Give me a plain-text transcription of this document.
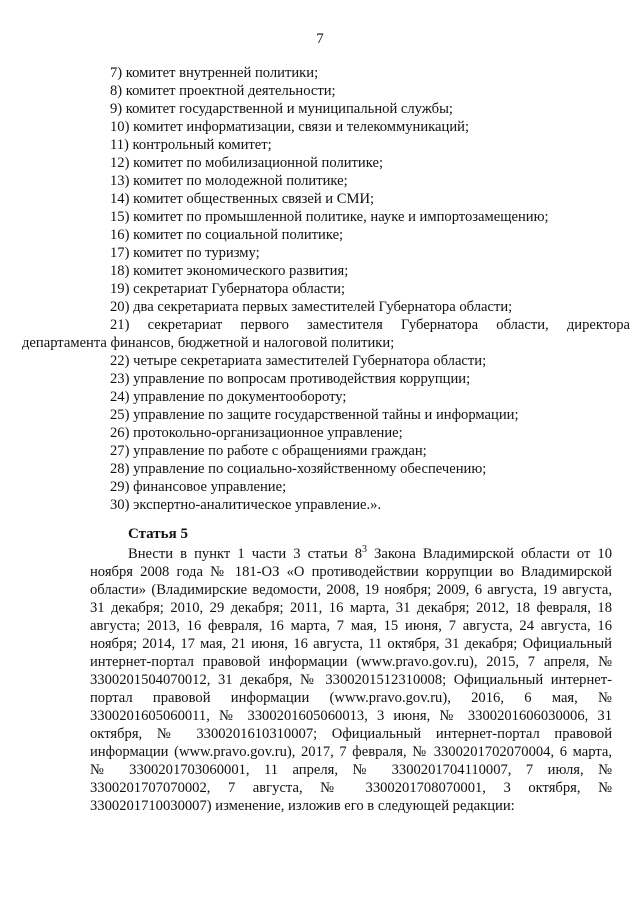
7
7) комитет внутренней политики;
8) комитет проектной деятельности;
9) комитет государственной и муниципальной службы;
10) комитет информатизации, связи и телекоммуникаций;
11) контрольный комитет;
12) комитет по мобилизационной политике;
13) комитет по молодежной политике;
14) комитет общественных связей и СМИ;
15) комитет по промышленной политике, науке и импортозамещению;
16) комитет по социальной политике;
17) комитет по туризму;
18) комитет экономического развития;
19) секретариат Губернатора области;
20) два секретариата первых заместителей Губернатора области;
21) секретариат первого заместителя Губернатора области, директора
департамента финансов, бюджетной и налоговой политики;
22) четыре секретариата заместителей Губернатора области;
23) управление по вопросам противодействия коррупции;
24) управление по документообороту;
25) управление по защите государственной тайны и информации;
26) протокольно-организационное управление;
27) управление по работе с обращениями граждан;
28) управление по социально-хозяйственному обеспечению;
29) финансовое управление;
30) экспертно-аналитическое управление.».
Статья 5

Внести в пункт 1 части 3 статьи $8^3$ Закона Владимирской области от 10 ноября 2008 года № 181-ОЗ «О противодействии коррупции во Владимирской области» (Владимирские ведомости, 2008, 19 ноября; 2009, 6 августа, 19 августа, 31 декабря; 2010, 29 декабря; 2011, 16 марта, 31 декабря; 2012, 18 февраля, 18 августа; 2013, 16 февраля, 16 марта, 7 мая, 15 июня, 7 августа, 24 августа, 16 ноября; 2014, 17 мая, 21 июня, 16 августа, 11 октября, 31 декабря; Официальный интернет-портал правовой информации (www.pravo.gov.ru), 2015, 7 апреля, № 3300201504070012, 31 декабря, № 3300201512310008; Официальный интернет-портал правовой информации (www.pravo.gov.ru), 2016, 6 мая, № 3300201605060011, № 3300201605060013, 3 июня, № 3300201606030006, 31 октября, № 3300201610310007; Официальный интернет-портал правовой информации (www.pravo.gov.ru), 2017, 7 февраля, № 3300201702070004, 6 марта, № 3300201703060001, 11 апреля, № 3300201704110007, 7 июля, № 3300201707070002, 7 августа, № 3300201708070001, 3 октября, № 3300201710030007) изменение, изложив его в следующей редакции:
